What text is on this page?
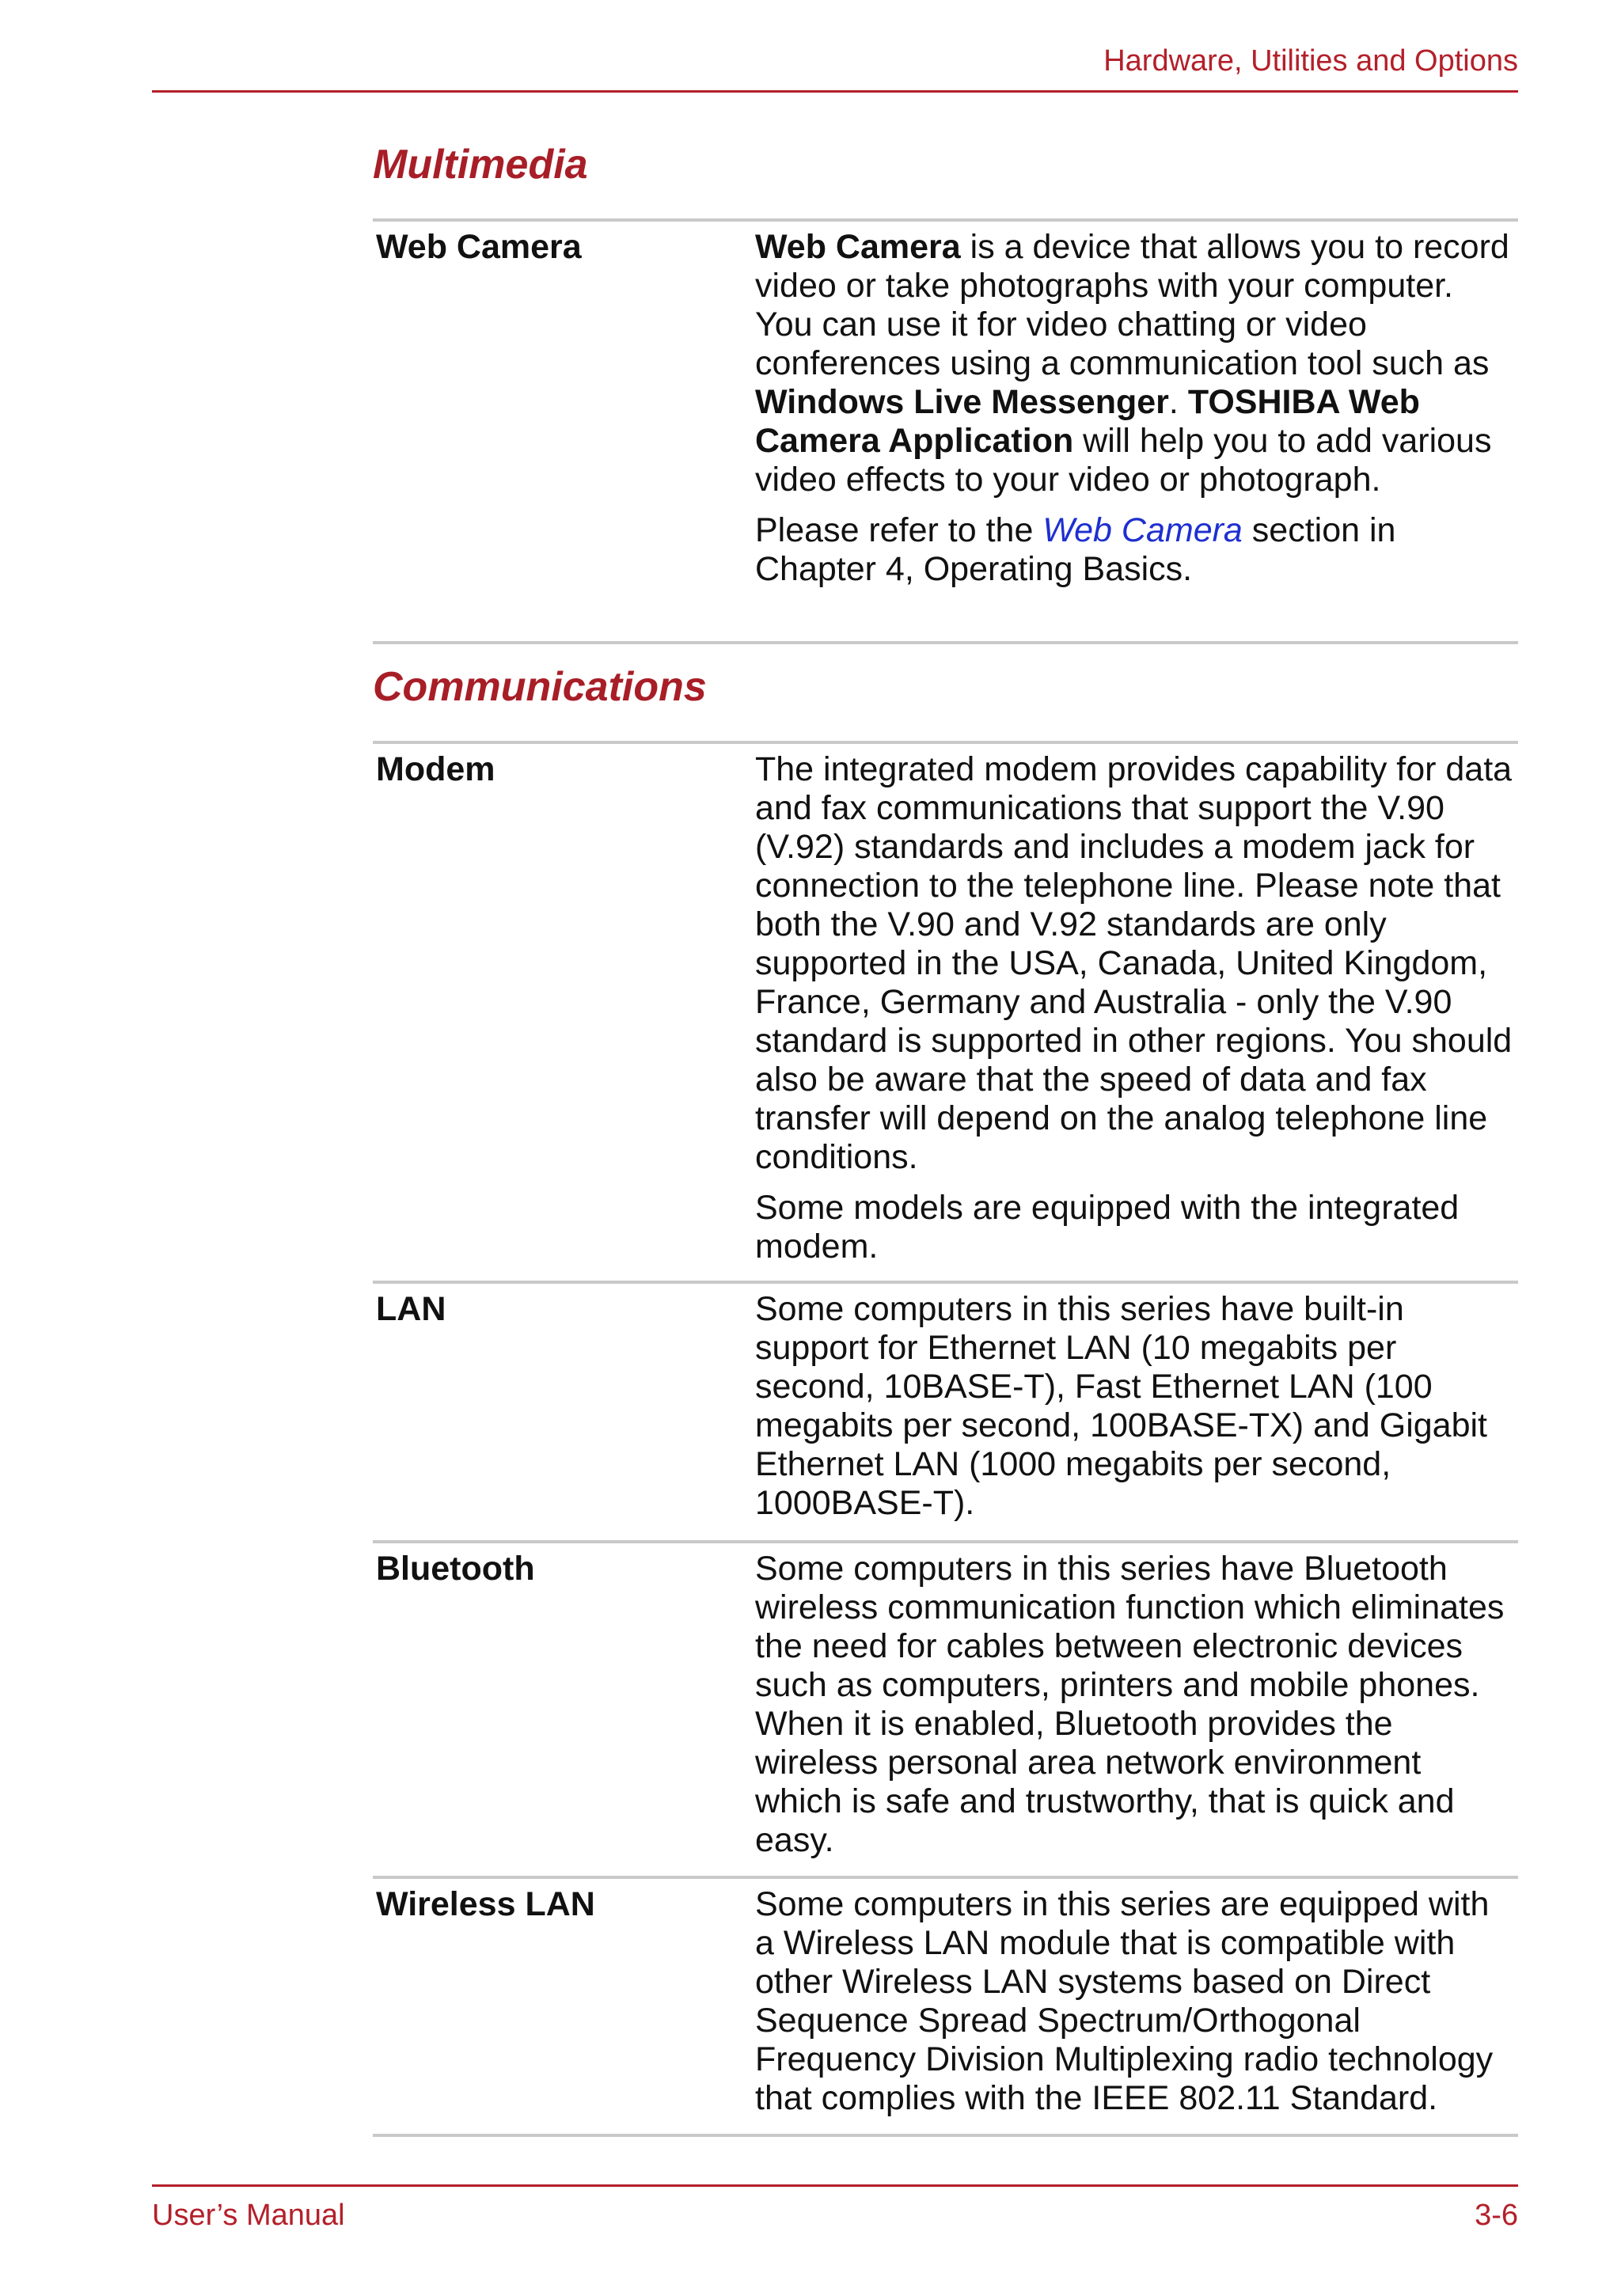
Hardware, Utilities and Options
Multimedia
Web Camera	Web Camera is a device that allows you to record video or take photographs with your computer. You can use it for video chatting or video conferences using a communication tool such as Windows Live Messenger. TOSHIBA Web Camera Application will help you to add various video effects to your video or photograph.

Please refer to the Web Camera section in Chapter 4, Operating Basics.

Communications
Modem	The integrated modem provides capability for data and fax communications that support the V.90 (V.92) standards and includes a modem jack for connection to the telephone line. Please note that both the V.90 and V.92 standards are only supported in the USA, Canada, United Kingdom, France, Germany and Australia - only the V.90 standard is supported in other regions. You should also be aware that the speed of data and fax transfer will depend on the analog telephone line conditions.

Some models are equipped with the integrated modem.

LAN	Some computers in this series have built-in support for Ethernet LAN (10 megabits per second, 10BASE-T), Fast Ethernet LAN (100 megabits per second, 100BASE-TX) and Gigabit Ethernet LAN (1000 megabits per second, 1000BASE-T).

Bluetooth	Some computers in this series have Bluetooth wireless communication function which eliminates the need for cables between electronic devices such as computers, printers and mobile phones. When it is enabled, Bluetooth provides the wireless personal area network environment which is safe and trustworthy, that is quick and easy.

Wireless LAN	Some computers in this series are equipped with a Wireless LAN module that is compatible with other Wireless LAN systems based on Direct Sequence Spread Spectrum/Orthogonal Frequency Division Multiplexing radio technology that complies with the IEEE 802.11 Standard.

User’s Manual	3-6
